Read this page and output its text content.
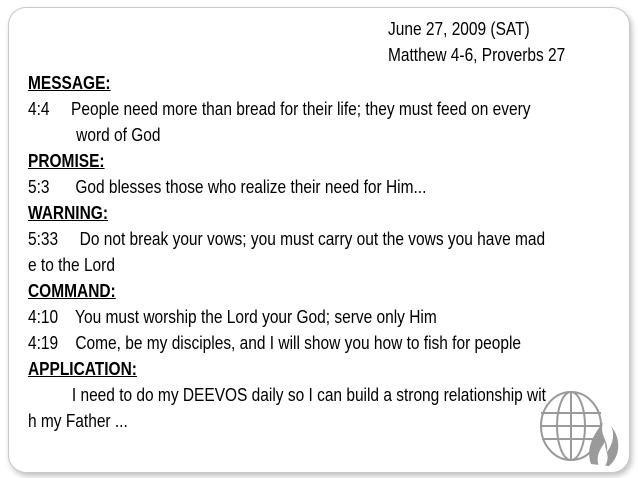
June 27, 2009 (SAT)
Matthew 4-6, Proverbs 27

MESSAGE:

4:4     People need more than bread for their life; they must feed on every

word of God

PROMISE:

5:3      God blesses those who realize their need for Him...

WARNING:

5:33     Do not break your vows; you must carry out the vows you have mad

e to the Lord

COMMAND:

4:10    You must worship the Lord your God; serve only Him

4:19    Come, be my disciples, and I will show you how to fish for people

APPLICATION:

I need to do my DEEVOS daily so I can build a strong relationship wit

h my Father ...
